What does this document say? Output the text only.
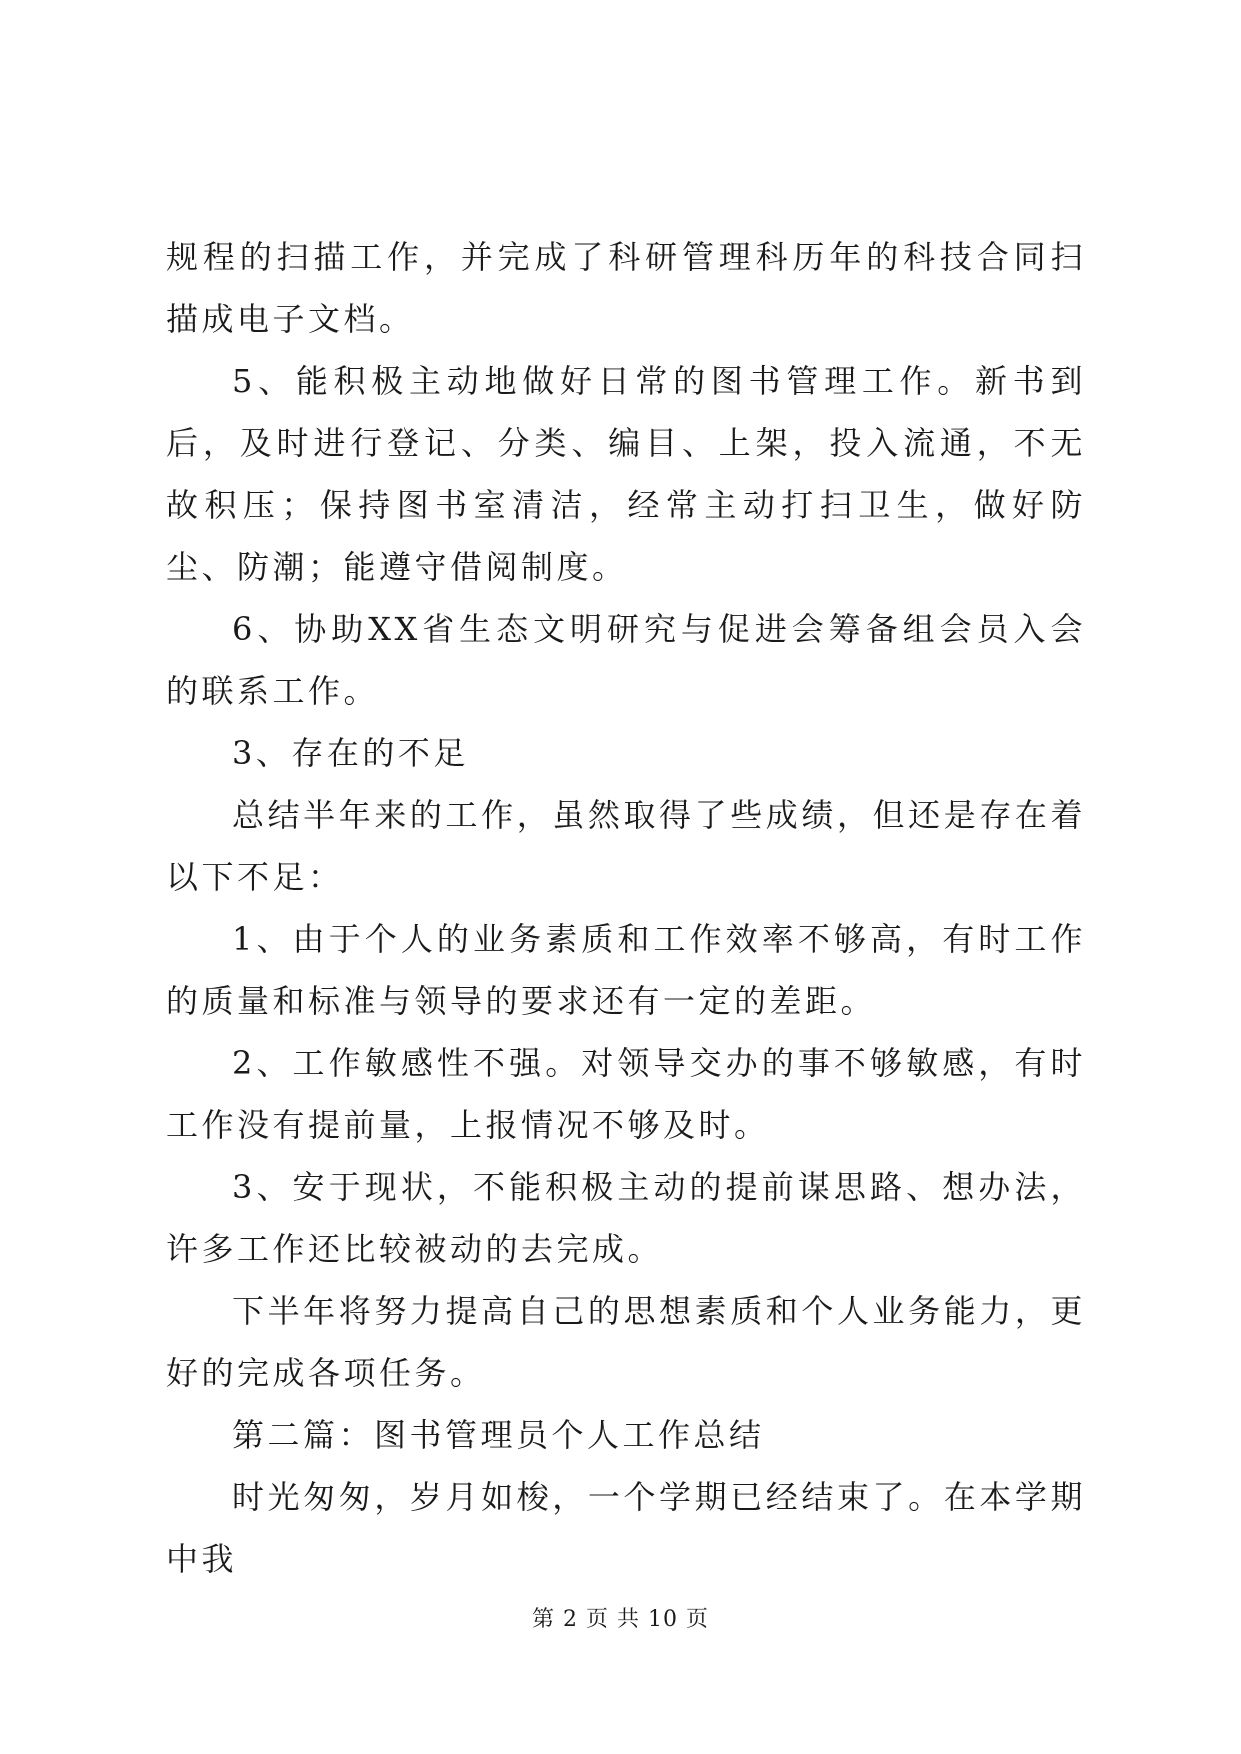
规程的扫描工作，并完成了科研管理科历年的科技合同扫描成电子文档。

5、能积极主动地做好日常的图书管理工作。新书到后，及时进行登记、分类、编目、上架，投入流通，不无故积压；保持图书室清洁，经常主动打扫卫生，做好防尘、防潮；能遵守借阅制度。

6、协助XX省生态文明研究与促进会筹备组会员入会的联系工作。

3、存在的不足

总结半年来的工作，虽然取得了些成绩，但还是存在着以下不足：

1、由于个人的业务素质和工作效率不够高，有时工作的质量和标准与领导的要求还有一定的差距。

2、工作敏感性不强。对领导交办的事不够敏感，有时工作没有提前量，上报情况不够及时。

3、安于现状，不能积极主动的提前谋思路、想办法，许多工作还比较被动的去完成。

下半年将努力提高自己的思想素质和个人业务能力，更好的完成各项任务。

第二篇：图书管理员个人工作总结

时光匆匆，岁月如梭，一个学期已经结束了。在本学期中我

第 2 页 共 10 页
